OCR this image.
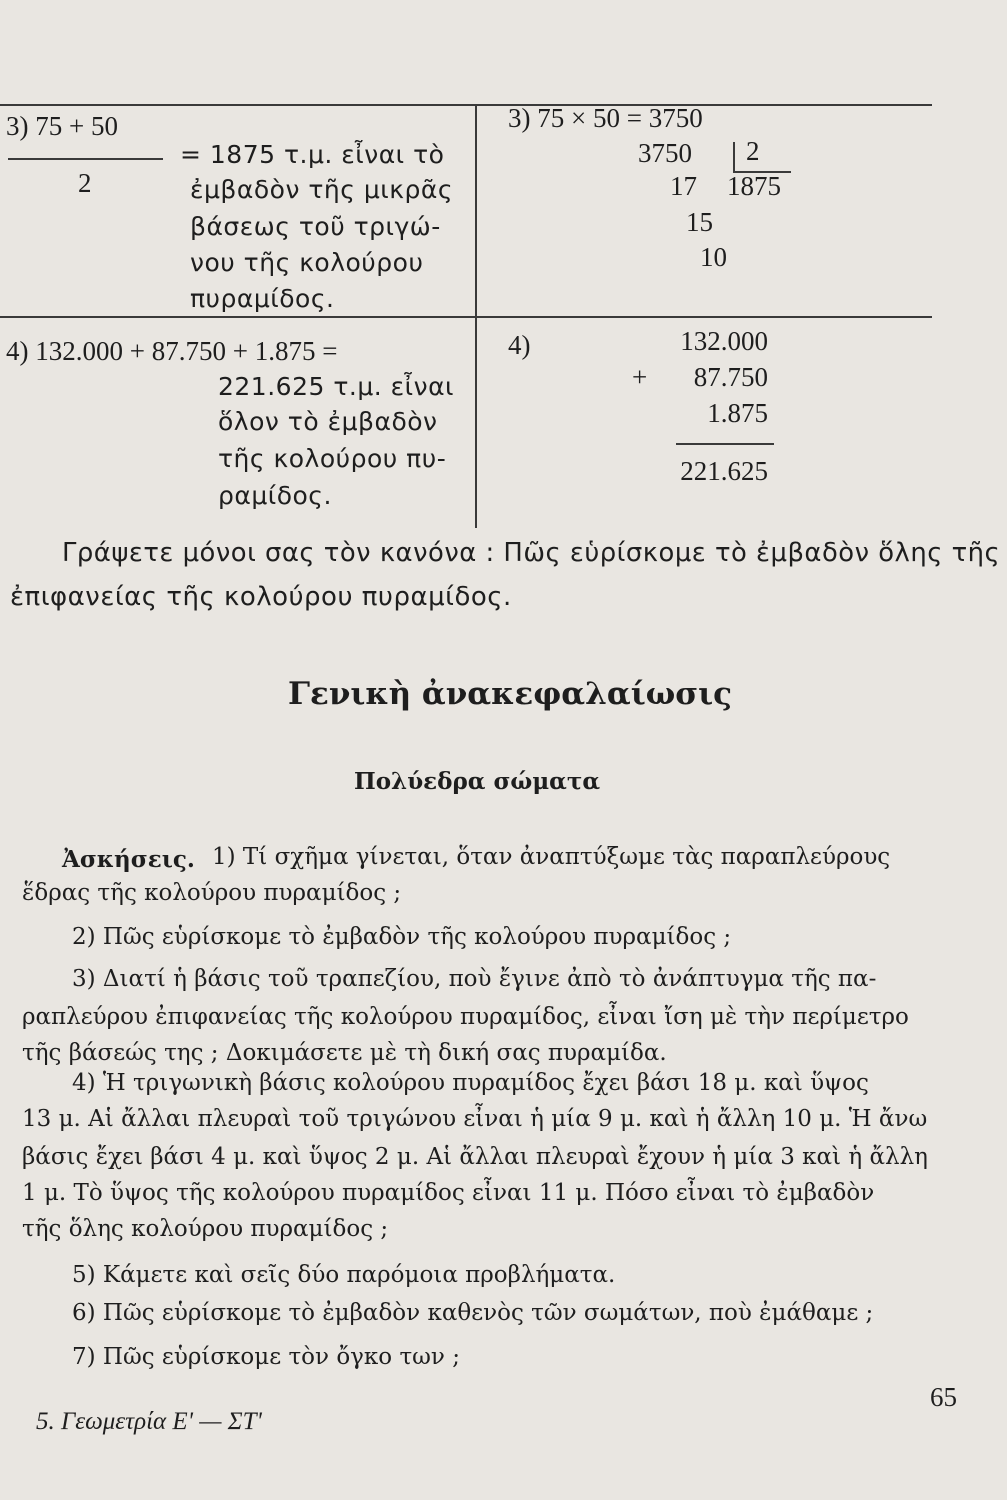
3) 75 + 50
2
= 1875 τ.μ. εἶναι τὸ
ἐμβαδὸν τῆς μικρᾶς
βάσεως τοῦ τριγώ-
νου τῆς κολούρου
πυραμίδος.
3) 75 × 50 = 3750
3750 2
17 1875
15
10
4) 132.000 + 87.750 + 1.875 =
221.625 τ.μ. εἶναι
ὅλον τὸ ἐμβαδὸν
τῆς κολούρου πυ-
ραμίδος.
4)	132.000
+	87.750
1.875
221.625
Γράψετε μόνοι σας τὸν κανόνα : Πῶς εὑρίσκομε τὸ ἐμβαδὸν ὅλης τῆς
ἐπιφανείας τῆς κολούρου πυραμίδος.
Γενικὴ ἀνακεφαλαίωσις
Πολύεδρα σώματα
Ἀσκήσεις. 1) Τί σχῆμα γίνεται, ὅταν ἀναπτύξωμε τὰς παραπλεύρους
ἕδρας τῆς κολούρου πυραμίδος ;
2) Πῶς εὑρίσκομε τὸ ἐμβαδὸν τῆς κολούρου πυραμίδος ;
3) Διατί ἡ βάσις τοῦ τραπεζίου, ποὺ ἔγινε ἀπὸ τὸ ἀνάπτυγμα τῆς πα-
ραπλεύρου ἐπιφανείας τῆς κολούρου πυραμίδος, εἶναι ἴση μὲ τὴν περίμετρο
τῆς βάσεώς της ; Δοκιμάσετε μὲ τὴ δική σας πυραμίδα.
4) Ἡ τριγωνικὴ βάσις κολούρου πυραμίδος ἔχει βάσι 18 μ. καὶ ὕψος
13 μ. Αἱ ἄλλαι πλευραὶ τοῦ τριγώνου εἶναι ἡ μία 9 μ. καὶ ἡ ἄλλη 10 μ. Ἡ ἄνω
βάσις ἔχει βάσι 4 μ. καὶ ὕψος 2 μ. Αἱ ἄλλαι πλευραὶ ἔχουν ἡ μία 3 καὶ ἡ ἄλλη
1 μ. Τὸ ὕψος τῆς κολούρου πυραμίδος εἶναι 11 μ. Πόσο εἶναι τὸ ἐμβαδὸν
τῆς ὅλης κολούρου πυραμίδος ;
5) Κάμετε καὶ σεῖς δύο παρόμοια προβλήματα.
6) Πῶς εὑρίσκομε τὸ ἐμβαδὸν καθενὸς τῶν σωμάτων, ποὺ ἐμάθαμε ;
7) Πῶς εὑρίσκομε τὸν ὄγκο των ;
5. Γεωμετρία Ε' — ΣΤ'
65
